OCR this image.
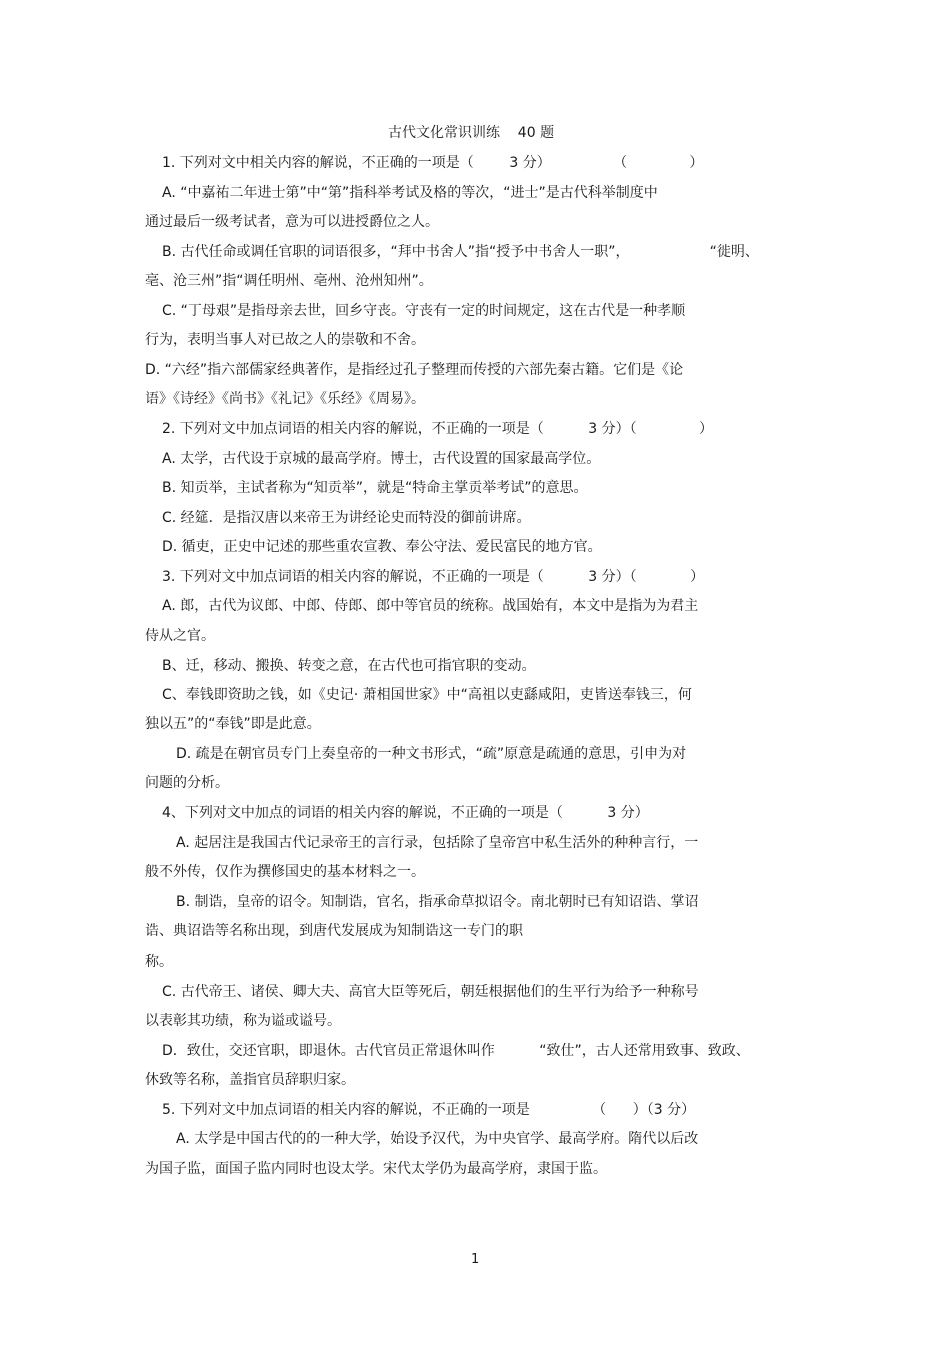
古代文化常识训练    40 题
1. 下列对文中相关内容的解说，不正确的一项是（        3 分）              （              ）
A. “中嘉祐二年进士第”中“第”指科举考试及格的等次，“进士”是古代科举制度中
通过最后一级考试者，意为可以进授爵位之人。
B. 古代任命或调任官职的词语很多，“拜中书舍人”指“授予中书舍人一职”，                  “徙明、
亳、沧三州”指“调任明州、亳州、沧州知州”。
C. “丁母艰”是指母亲去世，回乡守丧。守丧有一定的时间规定，这在古代是一种孝顺
行为，表明当事人对已故之人的崇敬和不舍。
D. “六经”指六部儒家经典著作，是指经过孔子整理而传授的六部先秦古籍。它们是《论
语》《诗经》《尚书》《礼记》《乐经》《周易》。
2. 下列对文中加点词语的相关内容的解说，不正确的一项是（          3 分）（              ）
A. 太学，古代设于京城的最高学府。博士，古代设置的国家最高学位。
B. 知贡举，主试者称为“知贡举”，就是“特命主掌贡举考试”的意思。
C. 经筵．是指汉唐以来帝王为讲经论史而特没的御前讲席。
D. 循吏，正史中记述的那些重农宣教、奉公守法、爱民富民的地方官。
3. 下列对文中加点词语的相关内容的解说，不正确的一项是（          3 分）（            ）
A. 郎，古代为议郎、中郎、侍郎、郎中等官员的统称。战国始有，本文中是指为为君主
侍从之官。
B、迁，移动、搬换、转变之意，在古代也可指官职的变动。
C、奉钱即资助之钱，如《史记· 萧相国世家》中“高祖以吏繇咸阳，吏皆送奉钱三，何
独以五”的“奉钱”即是此意。
D. 疏是在朝官员专门上奏皇帝的一种文书形式，“疏”原意是疏通的意思，引申为对
问题的分析。
4、下列对文中加点的词语的相关内容的解说，不正确的一项是（          3 分）
A. 起居注是我国古代记录帝王的言行录，包括除了皇帝宫中私生活外的种种言行，一
般不外传，仅作为撰修国史的基本材料之一。
B. 制诰，皇帝的诏令。知制诰，官名，指承命草拟诏令。南北朝时已有知诏诰、掌诏
诰、典诏诰等名称出现，到唐代发展成为知制诰这一专门的职
称。
C. 古代帝王、诸侯、卿大夫、高官大臣等死后，朝廷根据他们的生平行为给予一种称号
以表彰其功绩，称为谥或谥号。
D．致仕，交还官职，即退休。古代官员正常退休叫作          “致仕”，古人还常用致事、致政、
休致等名称，盖指官员辞职归家。
5. 下列对文中加点词语的相关内容的解说，不正确的一项是              （      ）（3 分）
A. 太学是中国古代的的一种大学，始设予汉代，为中央官学、最高学府。隋代以后改
为国子监，面国子监内同时也设太学。宋代太学仍为最高学府，隶国于监。
1
